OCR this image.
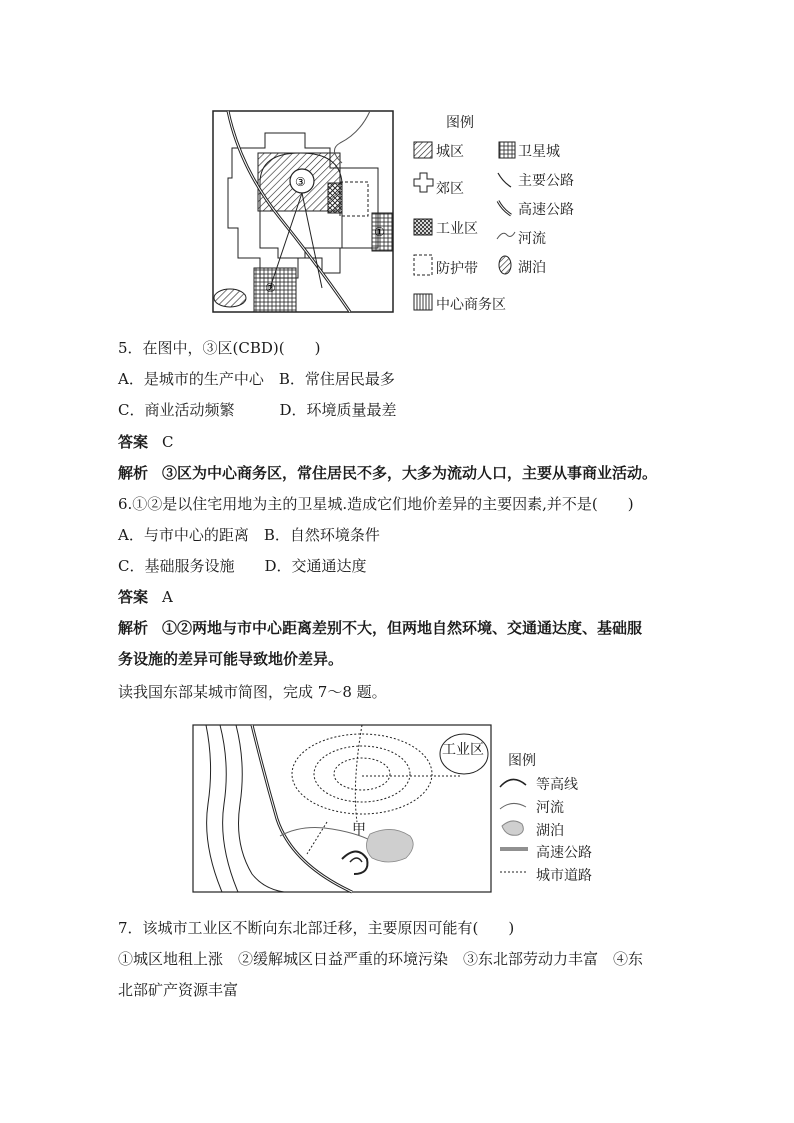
③
①
②
图例
城区	卫星城
郊区	主要公路
高速公路
工业区
河流
防护带	湖泊
中心商务区
5．在图中，③区(CBD)(　　)
A．是城市的生产中心　B．常住居民最多
C．商业活动频繁　　　D．环境质量最差
答案 C
解析 ③区为中心商务区，常住居民不多，大多为流动人口，主要从事商业活动。
6.①②是以住宅用地为主的卫星城.造成它们地价差异的主要因素,并不是(　　)
A．与市中心的距离　B．自然环境条件
C．基础服务设施　　D．交通通达度
答案 A
解析 ①②两地与市中心距离差别不大，但两地自然环境、交通通达度、基础服
务设施的差异可能导致地价差异。
读我国东部某城市简图，完成 7～8 题。
工业区
甲
图例
等高线
河流
湖泊
高速公路
城市道路
7．该城市工业区不断向东北部迁移，主要原因可能有(　　)
①城区地租上涨　②缓解城区日益严重的环境污染　③东北部劳动力丰富　④东
北部矿产资源丰富
